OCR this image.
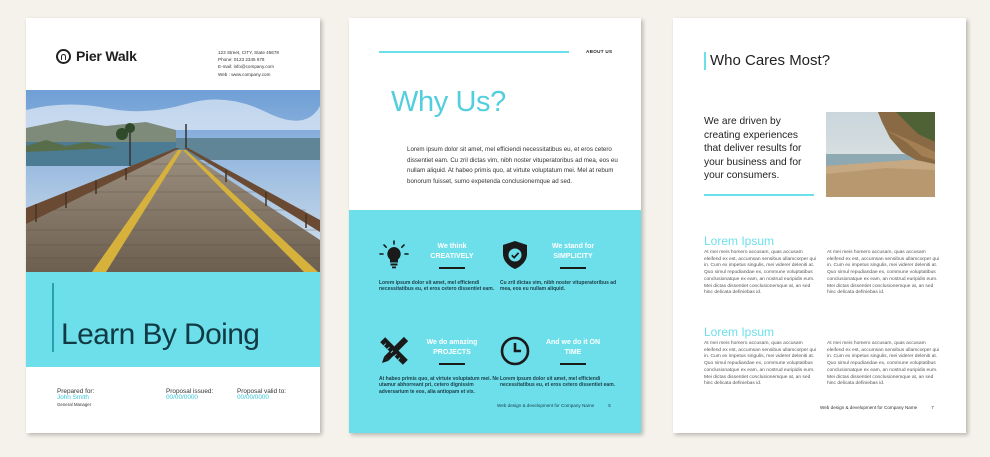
Pier Walk	123 Street, CITY, State 45678
Phone: 0123 2345 678
E-mail: info@company.com
Web : www.company.com
Learn By Doing
Prepared for:
John Smith
General Manager
Proposal issued:
00/00/0000
Proposal valid to:
00/00/0000
ABOUT US
Why Us?
Lorem ipsum dolor sit amet, mel efficiendi necessitatibus eu, et eros cetero dissentiet eam. Cu zril dictas vim, nibh noster vituperatoribus ad mea, eos eu nullam aliquid. At habeo primis quo, at virtute voluptatum mei. Mel at rebum bonorum fuisset, sumo expetenda conclusionemque ad sed.
We think CREATIVELY
Lorem ipsum dolor sit amet, mel efficiendi necessitatibus eu, et eros cetero dissentiet eam.
We stand for SIMPLICITY
Cu zril dictas vim, nibh noster vituperatoribus ad mea, eos eu nullam aliquid.
We do amazing PROJECTS
At habeo primis quo, at virtute voluptatum mei. Ne utamur abhorreant pri, cetero dignissim adversarium te eos, alia antiopam et vix.
And we do it ON TIME
Lorem ipsum dolor sit amet, mel efficiendi necessitatibus eu, et eros cetero dissentiet eam.
Web design & development for Company Name	5
Who Cares Most?
We are driven by creating experiences that deliver results for your business and for your consumers.
Lorem Ipsum
At mei meis homero accusam, quas accusam eleifend ex est, accumsan sensibus ullamcorper qui in. Cum ex impetus singulis, mei viderer deleniti at. Quo simul repudiandae ex, commune voluptatibus conclusionatque ex eam, an nostrud euripidis eum. Mei dictas dissentiet conclusionemque at, an sed hinc delicata definiebas id.
At mei meis homero accusam, quas accusam eleifend ex est, accumsan sensibus ullamcorper qui in. Cum ex impetus singulis, mei viderer deleniti at. Quo simul repudiandae ex, commune voluptatibus conclusionatque ex eam, an nostrud euripidis eum. Mei dictas dissentiet conclusionemque at, an sed hinc delicata definiebas id.
Lorem Ipsum
At mei meis homero accusam, quas accusam eleifend ex est, accumsan sensibus ullamcorper qui in. Cum ex impetus singulis, mei viderer deleniti at. Quo simul repudiandae ex, commune voluptatibus conclusionatque ex eam, an nostrud euripidis eum. Mei dictas dissentiet conclusionemque at, an sed hinc delicata definiebas id.
At mei meis homero accusam, quas accusam eleifend ex est, accumsan sensibus ullamcorper qui in. Cum ex impetus singulis, mei viderer deleniti at. Quo simul repudiandae ex, commune voluptatibus conclusionatque ex eam, an nostrud euripidis eum. Mei dictas dissentiet conclusionemque at, an sed hinc delicata definiebas id.
Web design & development for Company Name	7
